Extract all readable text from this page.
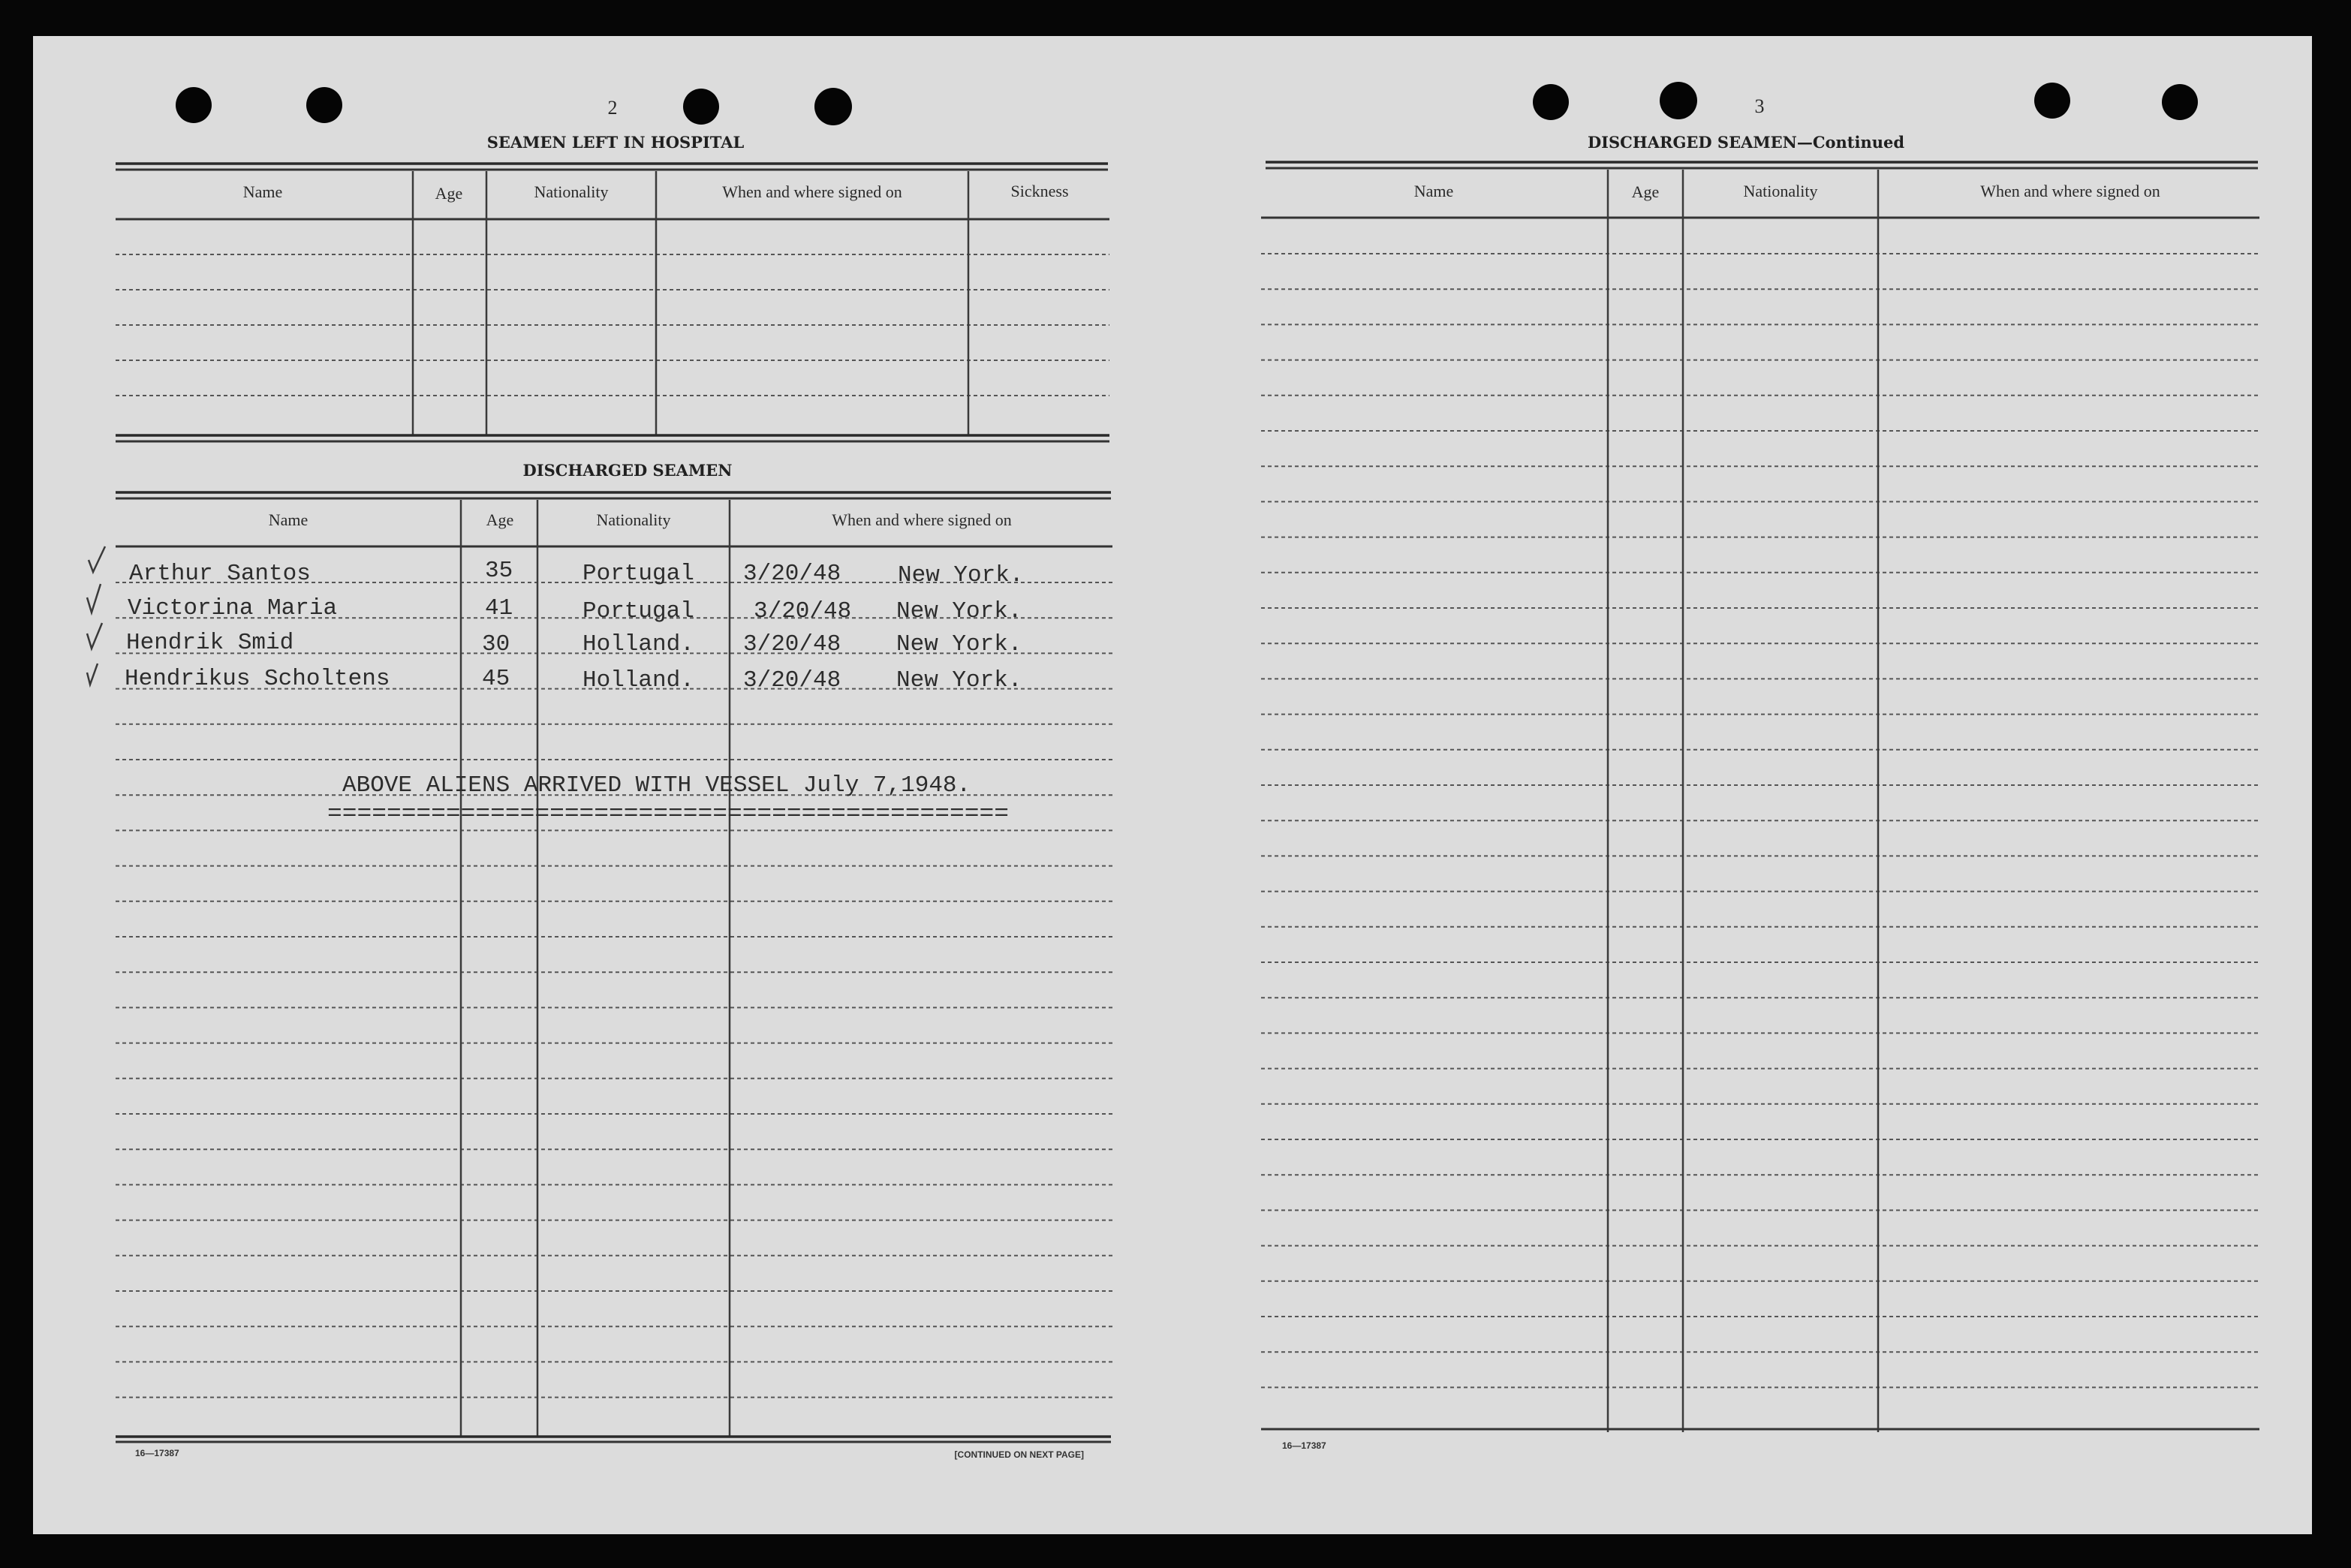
2
SEAMEN LEFT IN HOSPITAL
Name	Age	Nationality	When and where signed on	Sickness
DISCHARGED SEAMEN
Name	Age	Nationality	When and where signed on
Arthur Santos	35	Portugal 3/20/48 New York.
Victorina Maria	41	Portugal	3/20/48 New York.
Hendrik Smid	30	Holland. 3/20/48 New York.
Hendrikus Scholtens	45	Holland. 3/20/48 New York.
ABOVE ALIENS ARRIVED WITH VESSEL July 7,1948.
==============================================
16—17387	[CONTINUED ON NEXT PAGE]
3
DISCHARGED SEAMEN—Continued
Name	Age	Nationality	When and where signed on
16—17387
